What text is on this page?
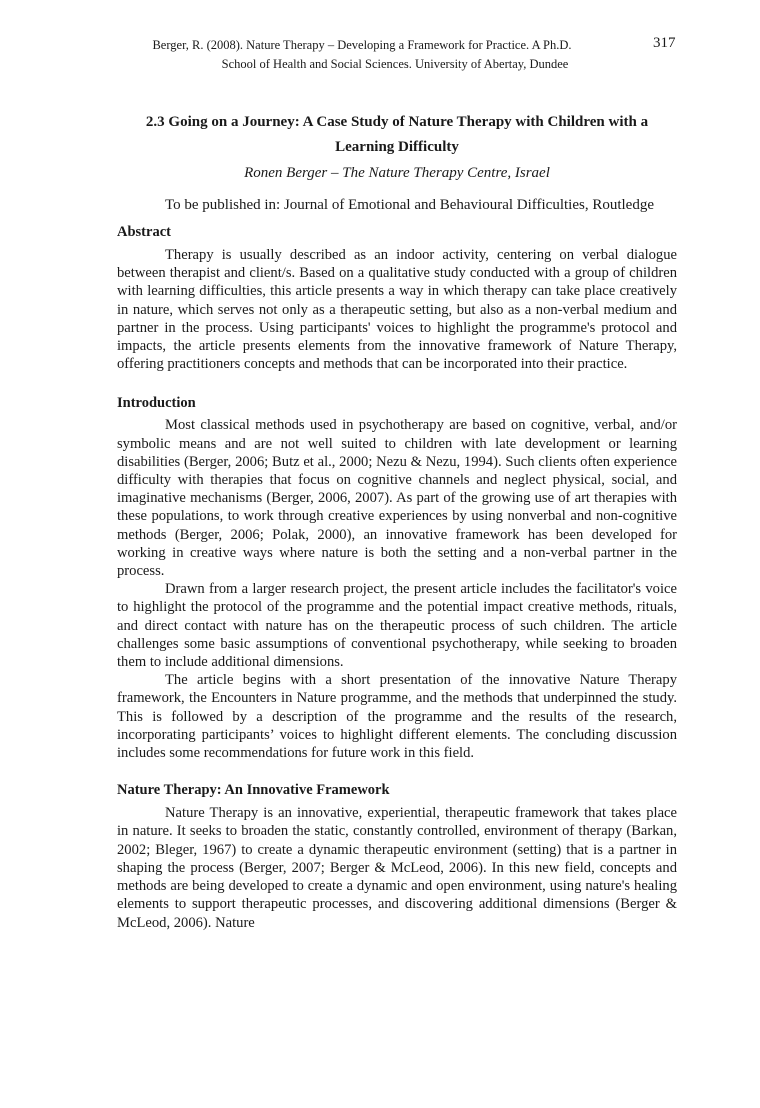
Berger, R. (2008). Nature Therapy – Developing a Framework for Practice. A Ph.D.
School of Health and Social Sciences. University of Abertay, Dundee
317
2.3 Going on a Journey: A Case Study of Nature Therapy with Children with a Learning Difficulty

Ronen Berger – The Nature Therapy Centre, Israel

To be published in: Journal of Emotional and Behavioural Difficulties, Routledge

Abstract

Therapy is usually described as an indoor activity, centering on verbal dialogue between therapist and client/s. Based on a qualitative study conducted with a group of children with learning difficulties, this article presents a way in which therapy can take place creatively in nature, which serves not only as a therapeutic setting, but also as a non-verbal medium and partner in the process. Using participants' voices to highlight the programme's protocol and impacts, the article presents elements from the innovative framework of Nature Therapy, offering practitioners concepts and methods that can be incorporated into their practice.

Introduction

Most classical methods used in psychotherapy are based on cognitive, verbal, and/or symbolic means and are not well suited to children with late development or learning disabilities (Berger, 2006; Butz et al., 2000; Nezu & Nezu, 1994). Such clients often experience difficulty with therapies that focus on cognitive channels and neglect physical, social, and imaginative mechanisms (Berger, 2006, 2007). As part of the growing use of art therapies with these populations, to work through creative experiences by using nonverbal and non-cognitive methods (Berger, 2006; Polak, 2000), an innovative framework has been developed for working in creative ways where nature is both the setting and a non-verbal partner in the process.

Drawn from a larger research project, the present article includes the facilitator's voice to highlight the protocol of the programme and the potential impact creative methods, rituals, and direct contact with nature has on the therapeutic process of such children. The article challenges some basic assumptions of conventional psychotherapy, while seeking to broaden them to include additional dimensions.

The article begins with a short presentation of the innovative Nature Therapy framework, the Encounters in Nature programme, and the methods that underpinned the study. This is followed by a description of the programme and the results of the research, incorporating participants’ voices to highlight different elements. The concluding discussion includes some recommendations for future work in this field.

Nature Therapy: An Innovative Framework

Nature Therapy is an innovative, experiential, therapeutic framework that takes place in nature. It seeks to broaden the static, constantly controlled, environment of therapy (Barkan, 2002; Bleger, 1967) to create a dynamic therapeutic environment (setting) that is a partner in shaping the process (Berger, 2007; Berger & McLeod, 2006). In this new field, concepts and methods are being developed to create a dynamic and open environment, using nature's healing elements to support therapeutic processes, and discovering additional dimensions (Berger & McLeod, 2006). Nature
